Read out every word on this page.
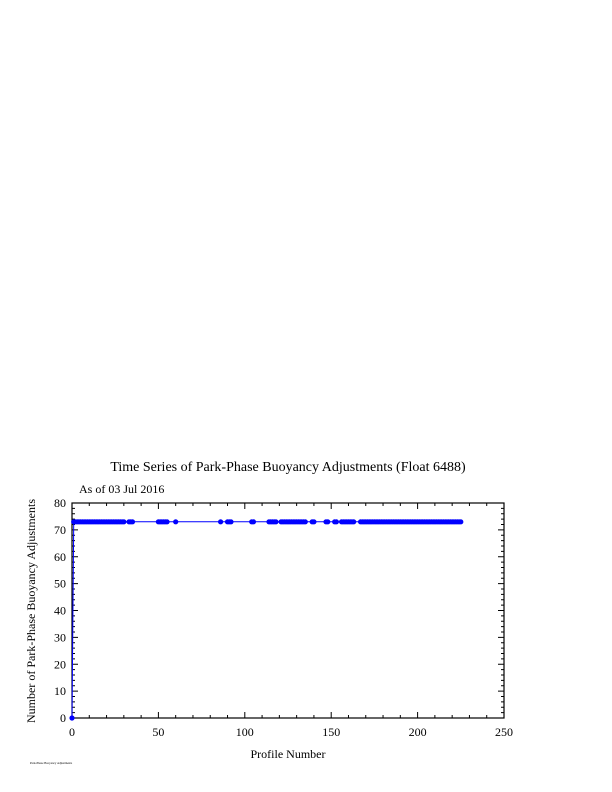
Time Series of Park-Phase Buoyancy Adjustments (Float 6488)
As of 03 Jul 2016
0	50	100	150	200	250
0
10
20
30
40
50
60
70
80
Profile Number
Number of Park-Phase Buoyancy Adjustments
Park-Phase Buoyancy Adjustments
